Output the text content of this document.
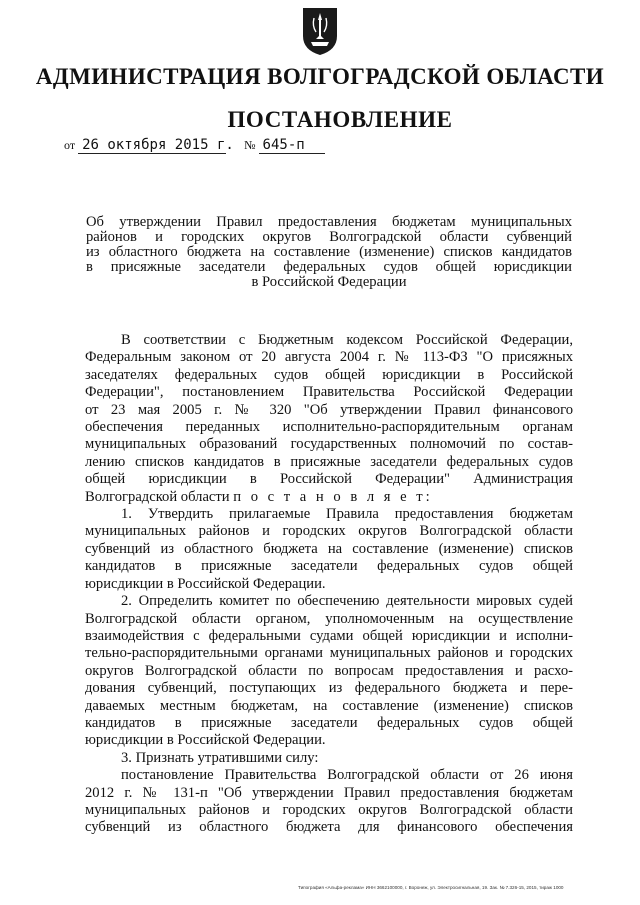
АДМИНИСТРАЦИЯ ВОЛГОГРАДСКОЙ ОБЛАСТИ
ПОСТАНОВЛЕНИЕ
от 26 октября 2015 г. № 645-п
Об утверждении Правил предоставления бюджетам муниципальных
районов и городских округов Волгоградской области субвенций
из областного бюджета на составление (изменение) списков кандидатов
в присяжные заседатели федеральных судов общей юрисдикции
в Российской Федерации
В соответствии с Бюджетным кодексом Российской Федерации,
Федеральным законом от 20 августа 2004 г. № 113-ФЗ "О присяжных
заседателях федеральных судов общей юрисдикции в Российской
Федерации", постановлением Правительства Российской Федерации
от 23 мая 2005 г. № 320 "Об утверждении Правил финансового
обеспечения переданных исполнительно-распорядительным органам
муниципальных образований государственных полномочий по состав-
лению списков кандидатов в присяжные заседатели федеральных судов
общей юрисдикции в Российской Федерации" Администрация
Волгоградской области п о с т а н о в л я е т:
1. Утвердить прилагаемые Правила предоставления бюджетам
муниципальных районов и городских округов Волгоградской области
субвенций из областного бюджета на составление (изменение) списков
кандидатов в присяжные заседатели федеральных судов общей
юрисдикции в Российской Федерации.
2. Определить комитет по обеспечению деятельности мировых судей
Волгоградской области органом, уполномоченным на осуществление
взаимодействия с федеральными судами общей юрисдикции и исполни-
тельно-распорядительными органами муниципальных районов и городских
округов Волгоградской области по вопросам предоставления и расхо-
дования субвенций, поступающих из федерального бюджета и пере-
даваемых местным бюджетам, на составление (изменение) списков
кандидатов в присяжные заседатели федеральных судов общей
юрисдикции в Российской Федерации.
3. Признать утратившими силу:
постановление Правительства Волгоградской области от 26 июня
2012 г. № 131-п "Об утверждении Правил предоставления бюджетам
муниципальных районов и городских округов Волгоградской области
субвенций из областного бюджета для финансового обеспечения
Типография «Альфа-реклама» ИНН 3662100000, г. Воронеж, ул. Электросигнальная, 19. Зак. № 7.326-15, 2015, тираж 1000
